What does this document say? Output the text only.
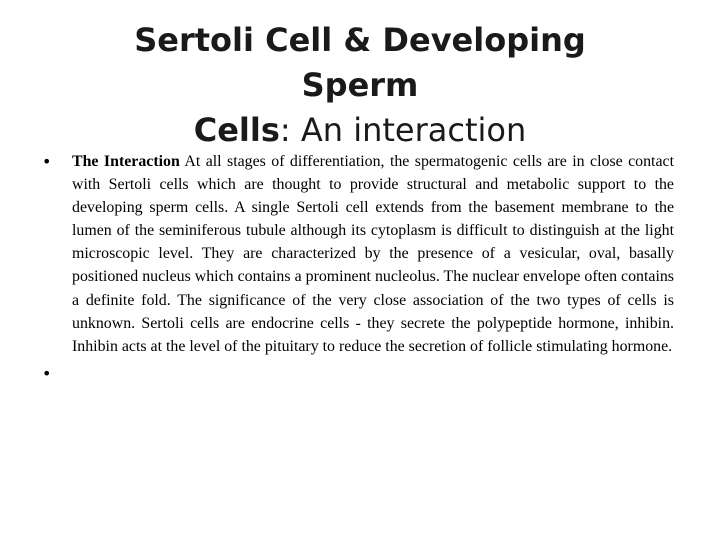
Sertoli Cell & Developing Sperm
Cells: An interaction
• The Interaction At all stages of differentiation, the spermatogenic cells are in close contact with Sertoli cells which are thought to provide structural and metabolic support to the developing sperm cells. A single Sertoli cell extends from the basement membrane to the lumen of the seminiferous tubule although its cytoplasm is difficult to distinguish at the light microscopic level. They are characterized by the presence of a vesicular, oval, basally positioned nucleus which contains a prominent nucleolus. The nuclear envelope often contains a definite fold. The significance of the very close association of the two types of cells is unknown. Sertoli cells are endocrine cells - they secrete the polypeptide hormone, inhibin. Inhibin acts at the level of the pituitary to reduce the secretion of follicle stimulating hormone.
•
